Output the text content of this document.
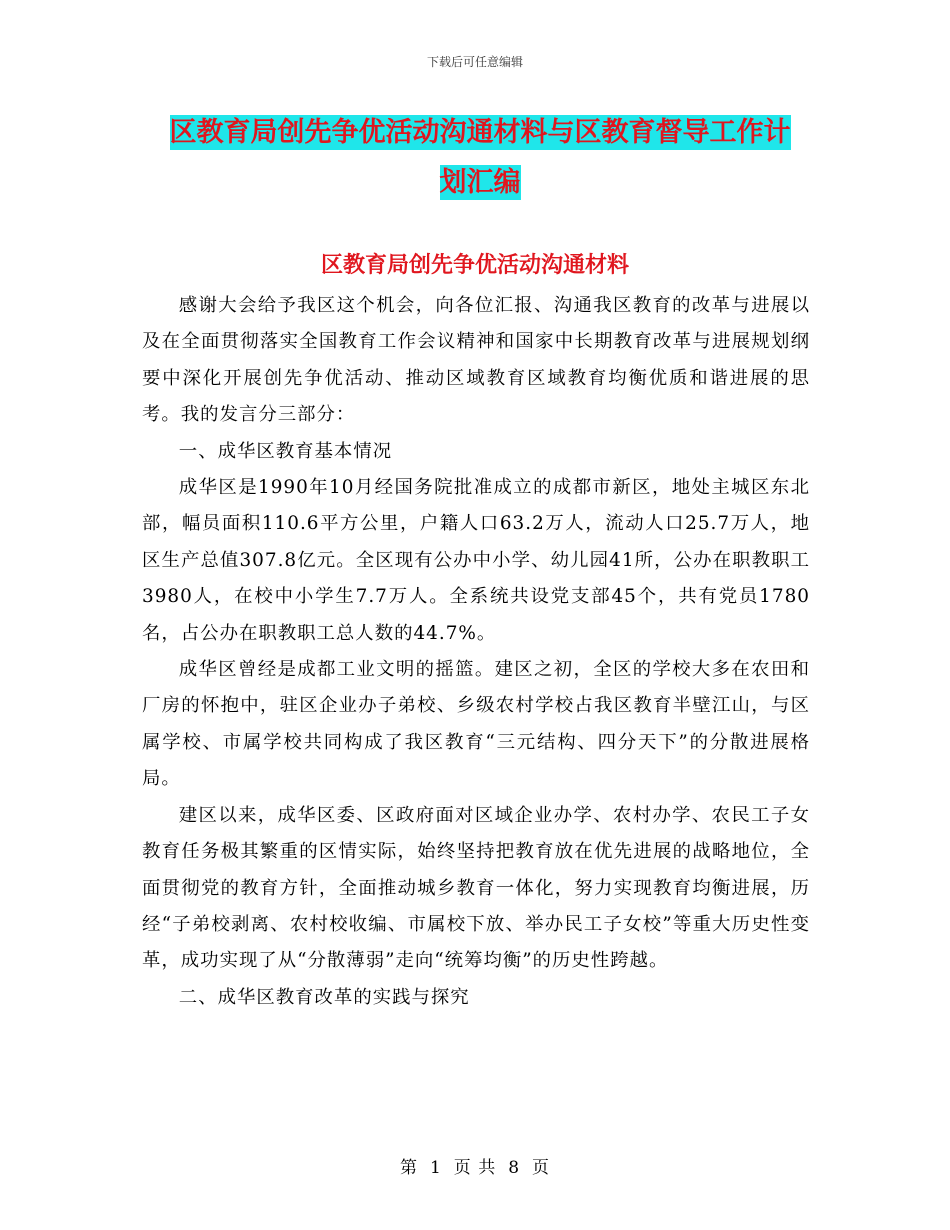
下载后可任意编辑
区教育局创先争优活动沟通材料与区教育督导工作计
划汇编
区教育局创先争优活动沟通材料

感谢大会给予我区这个机会，向各位汇报、沟通我区教育的改革与进展以及在全面贯彻落实全国教育工作会议精神和国家中长期教育改革与进展规划纲要中深化开展创先争优活动、推动区域教育区域教育均衡优质和谐进展的思考。我的发言分三部分：

一、成华区教育基本情况

成华区是1990年10月经国务院批准成立的成都市新区，地处主城区东北部，幅员面积110.6平方公里，户籍人口63.2万人，流动人口25.7万人，地区生产总值307.8亿元。全区现有公办中小学、幼儿园41所，公办在职教职工3980人，在校中小学生7.7万人。全系统共设党支部45个，共有党员1780名，占公办在职教职工总人数的44.7%。

成华区曾经是成都工业文明的摇篮。建区之初，全区的学校大多在农田和厂房的怀抱中，驻区企业办子弟校、乡级农村学校占我区教育半壁江山，与区属学校、市属学校共同构成了我区教育“三元结构、四分天下”的分散进展格局。

建区以来，成华区委、区政府面对区域企业办学、农村办学、农民工子女教育任务极其繁重的区情实际，始终坚持把教育放在优先进展的战略地位，全面贯彻党的教育方针，全面推动城乡教育一体化，努力实现教育均衡进展，历经“子弟校剥离、农村校收编、市属校下放、举办民工子女校”等重大历史性变革，成功实现了从“分散薄弱”走向“统筹均衡”的历史性跨越。

二、成华区教育改革的实践与探究

第 1 页 共 8 页
